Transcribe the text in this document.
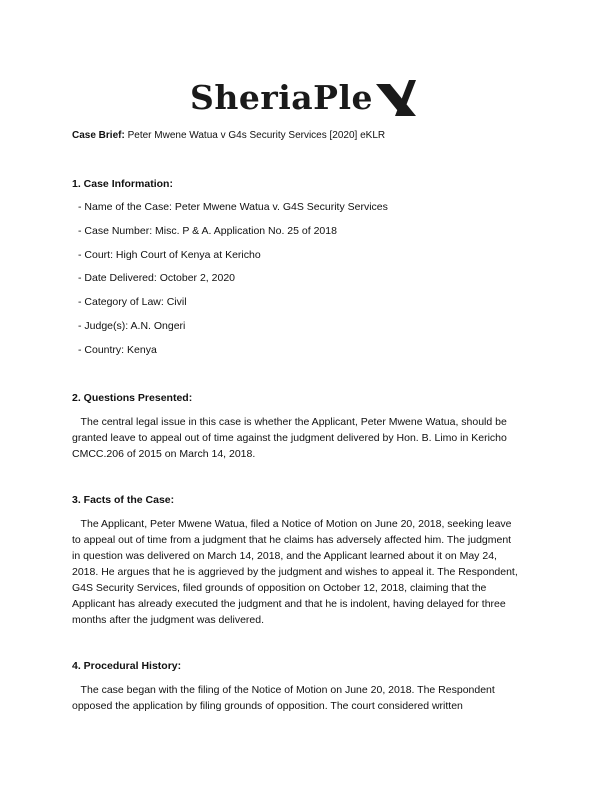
SheriaPle
Case Brief: Peter Mwene Watua v G4s Security Services [2020] eKLR
1. Case Information:
- Name of the Case: Peter Mwene Watua v. G4S Security Services
- Case Number: Misc. P & A. Application No. 25 of 2018
- Court: High Court of Kenya at Kericho
- Date Delivered: October 2, 2020
- Category of Law: Civil
- Judge(s): A.N. Ongeri
- Country: Kenya
2. Questions Presented:
The central legal issue in this case is whether the Applicant, Peter Mwene Watua, should be
granted leave to appeal out of time against the judgment delivered by Hon. B. Limo in Kericho
CMCC.206 of 2015 on March 14, 2018.
3. Facts of the Case:
The Applicant, Peter Mwene Watua, filed a Notice of Motion on June 20, 2018, seeking leave
to appeal out of time from a judgment that he claims has adversely affected him. The judgment
in question was delivered on March 14, 2018, and the Applicant learned about it on May 24,
2018. He argues that he is aggrieved by the judgment and wishes to appeal it. The Respondent,
G4S Security Services, filed grounds of opposition on October 12, 2018, claiming that the
Applicant has already executed the judgment and that he is indolent, having delayed for three
months after the judgment was delivered.
4. Procedural History:
The case began with the filing of the Notice of Motion on June 20, 2018. The Respondent
opposed the application by filing grounds of opposition. The court considered written
